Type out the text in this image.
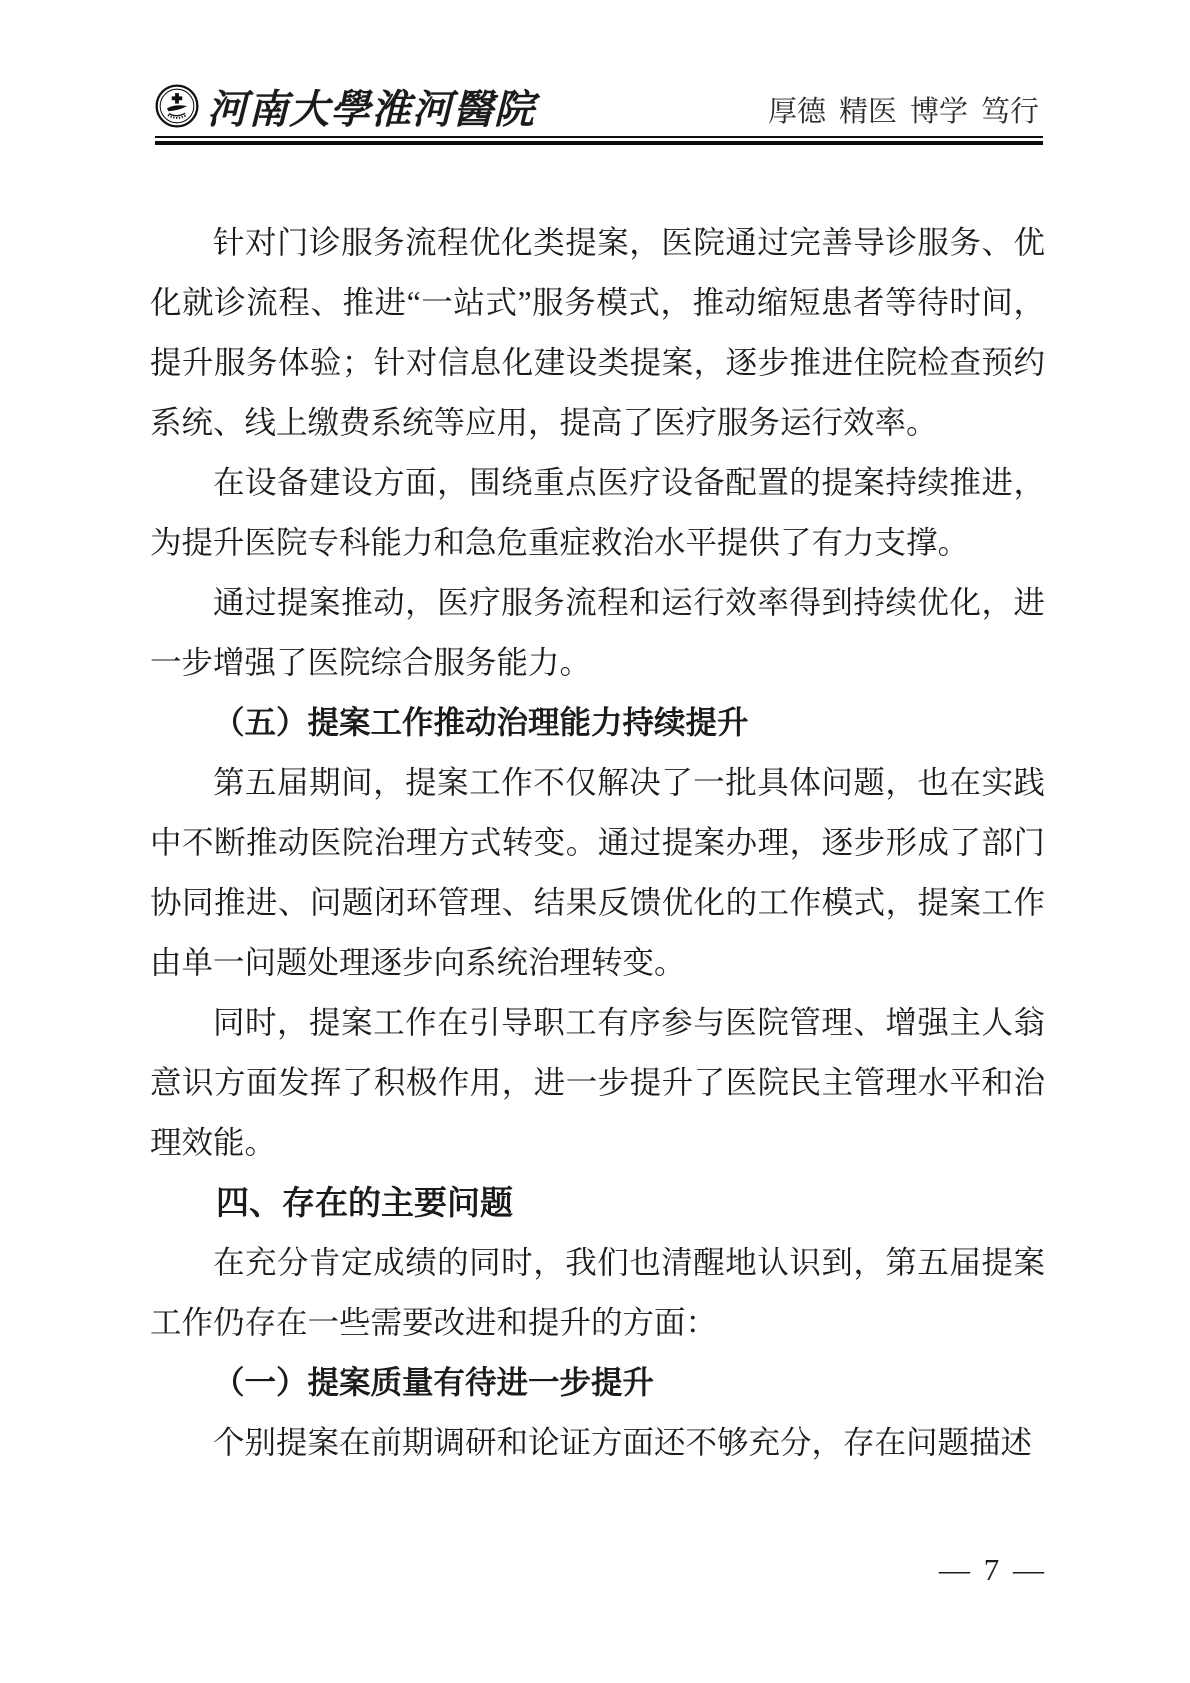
河南大學淮河醫院	厚德 精医 博学 笃行

针对门诊服务流程优化类提案，医院通过完善导诊服务、优化就诊流程、推进“一站式”服务模式，推动缩短患者等待时间，提升服务体验；针对信息化建设类提案，逐步推进住院检查预约系统、线上缴费系统等应用，提高了医疗服务运行效率。

在设备建设方面，围绕重点医疗设备配置的提案持续推进，为提升医院专科能力和急危重症救治水平提供了有力支撑。

通过提案推动，医疗服务流程和运行效率得到持续优化，进一步增强了医院综合服务能力。

（五）提案工作推动治理能力持续提升

第五届期间，提案工作不仅解决了一批具体问题，也在实践中不断推动医院治理方式转变。通过提案办理，逐步形成了部门协同推进、问题闭环管理、结果反馈优化的工作模式，提案工作由单一问题处理逐步向系统治理转变。

同时，提案工作在引导职工有序参与医院管理、增强主人翁意识方面发挥了积极作用，进一步提升了医院民主管理水平和治理效能。

四、存在的主要问题

在充分肯定成绩的同时，我们也清醒地认识到，第五届提案工作仍存在一些需要改进和提升的方面：

（一）提案质量有待进一步提升

个别提案在前期调研和论证方面还不够充分，存在问题描述

— 7 —
